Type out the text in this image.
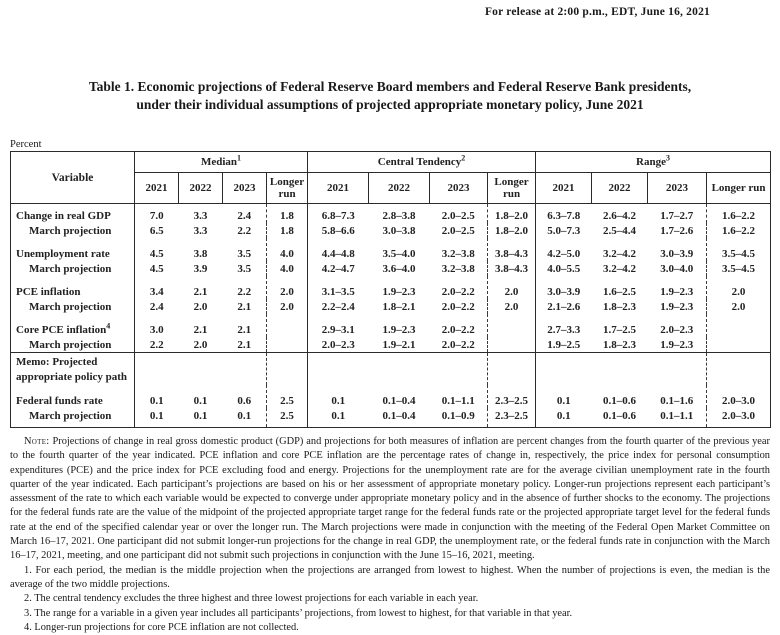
For release at 2:00 p.m., EDT, June 16, 2021
Table 1. Economic projections of Federal Reserve Board members and Federal Reserve Bank presidents,
under their individual assumptions of projected appropriate monetary policy, June 2021
Percent
Variable	Median$^1$				Central Tendency$^2$				Range$^3$
	2021	2022	2023	Longer run	2021	2022	2023	Longer run	2021	2022	2023	Longer run
Change in real GDP	7.0	3.3	2.4	1.8	6.8–7.3	2.8–3.8	2.0–2.5	1.8–2.0	6.3–7.8	2.6–4.2	1.7–2.7	1.6–2.2
March projection	6.5	3.3	2.2	1.8	5.8–6.6	3.0–3.8	2.0–2.5	1.8–2.0	5.0–7.3	2.5–4.4	1.7–2.6	1.6–2.2
Unemployment rate	4.5	3.8	3.5	4.0	4.4–4.8	3.5–4.0	3.2–3.8	3.8–4.3	4.2–5.0	3.2–4.2	3.0–3.9	3.5–4.5
March projection	4.5	3.9	3.5	4.0	4.2–4.7	3.6–4.0	3.2–3.8	3.8–4.3	4.0–5.5	3.2–4.2	3.0–4.0	3.5–4.5
PCE inflation	3.4	2.1	2.2	2.0	3.1–3.5	1.9–2.3	2.0–2.2	2.0	3.0–3.9	1.6–2.5	1.9–2.3	2.0
March projection	2.4	2.0	2.1	2.0	2.2–2.4	1.8–2.1	2.0–2.2	2.0	2.1–2.6	1.8–2.3	1.9–2.3	2.0
Core PCE inflation$^4$	3.0	2.1	2.1		2.9–3.1	1.9–2.3	2.0–2.2		2.7–3.3	1.7–2.5	2.0–2.3	
March projection	2.2	2.0	2.1		2.0–2.3	1.9–2.1	2.0–2.2		1.9–2.5	1.8–2.3	1.9–2.3	
Memo: Projected appropriate policy path												
Federal funds rate	0.1	0.1	0.6	2.5	0.1	0.1–0.4	0.1–1.1	2.3–2.5	0.1	0.1–0.6	0.1–1.6	2.0–3.0
March projection	0.1	0.1	0.1	2.5	0.1	0.1–0.4	0.1–0.9	2.3–2.5	0.1	0.1–0.6	0.1–1.1	2.0–3.0

Note: Projections of change in real gross domestic product (GDP) and projections for both measures of inflation are percent changes from the fourth quarter of the previous year to the fourth quarter of the year indicated. PCE inflation and core PCE inflation are the percentage rates of change in, respectively, the price index for personal consumption expenditures (PCE) and the price index for PCE excluding food and energy. Projections for the unemployment rate are for the average civilian unemployment rate in the fourth quarter of the year indicated. Each participant’s projections are based on his or her assessment of appropriate monetary policy. Longer-run projections represent each participant’s assessment of the rate to which each variable would be expected to converge under appropriate monetary policy and in the absence of further shocks to the economy. The projections for the federal funds rate are the value of the midpoint of the projected appropriate target range for the federal funds rate or the projected appropriate target level for the federal funds rate at the end of the specified calendar year or over the longer run. The March projections were made in conjunction with the meeting of the Federal Open Market Committee on March 16–17, 2021. One participant did not submit longer-run projections for the change in real GDP, the unemployment rate, or the federal funds rate in conjunction with the March 16–17, 2021, meeting, and one participant did not submit such projections in conjunction with the June 15–16, 2021, meeting.

1. For each period, the median is the middle projection when the projections are arranged from lowest to highest. When the number of projections is even, the median is the average of the two middle projections.

2. The central tendency excludes the three highest and three lowest projections for each variable in each year.

3. The range for a variable in a given year includes all participants’ projections, from lowest to highest, for that variable in that year.

4. Longer-run projections for core PCE inflation are not collected.
